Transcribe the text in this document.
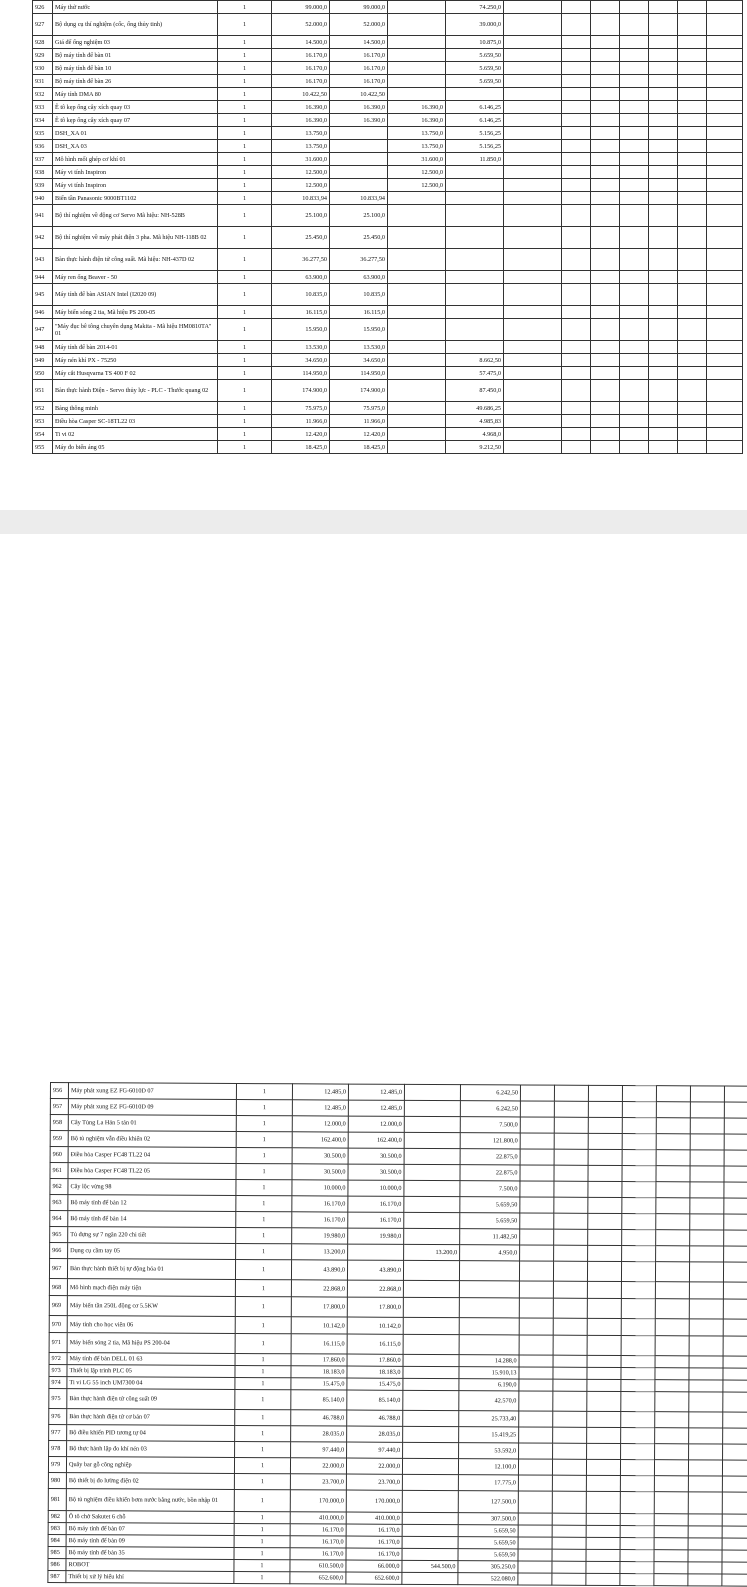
926	Máy thử nước	1	99.000,0	99.000,0		74.250,0							
927	Bộ dụng cụ thí nghiệm (cốc, ống thủy tinh)	1	52.000,0	52.000,0		39.000,0							
928	Giá để ống nghiệm 03	1	14.500,0	14.500,0		10.875,0							
929	Bộ máy tính để bàn 01	1	16.170,0	16.170,0		5.659,50							
930	Bộ máy tính để bàn 10	1	16.170,0	16.170,0		5.659,50							
931	Bộ máy tính để bàn 26	1	16.170,0	16.170,0		5.659,50							
932	Máy tính DMA 80	1	10.422,50	10.422,50									
933	Ê tô kẹp ống cây xích quay 03	1	16.390,0	16.390,0	16.390,0	6.146,25							
934	Ê tô kẹp ống cây xích quay 07	1	16.390,0	16.390,0	16.390,0	6.146,25							
935	DSH_XA 01	1	13.750,0		13.750,0	5.156,25							
936	DSH_XA 03	1	13.750,0		13.750,0	5.156,25							
937	Mô hình mối ghép cơ khí 01	1	31.600,0		31.600,0	11.850,0							
938	Máy vi tính Inspiron	1	12.500,0		12.500,0								
939	Máy vi tính Inspiron	1	12.500,0		12.500,0								
940	Biến tần Panasonic 9000BT1102	1	10.833,94	10.833,94									
941	Bộ thí nghiệm về động cơ Servo Mã hiệu: NH-528B	1	25.100,0	25.100,0									
942	Bộ thí nghiệm về máy phát điện 3 pha. Mã hiệu NH-118B 02	1	25.450,0	25.450,0									
943	Bàn thực hành điện tử công suất. Mã hiệu: NH-437D 02	1	36.277,50	36.277,50									
944	Máy ren ống Beaver - 50	1	63.900,0	63.900,0									
945	Máy tính để bàn ASIAN Intel (I2020 09)	1	10.835,0	10.835,0									
946	Máy biến sóng 2 tia, Mã hiệu PS 200-05	1	16.115,0	16.115,0									
947	"Máy đục bê tông chuyên dụng Makita - Mã hiệu HM0810TA" 01	1	15.950,0	15.950,0									
948	Máy tính để bàn 2014-01	1	13.530,0	13.530,0									
949	Máy nén khí PX - 75250	1	34.650,0	34.650,0		8.662,50							
950	Máy cắt Husqvarna TS 400 F 02	1	114.950,0	114.950,0		57.475,0							
951	Bàn thực hành Điện - Servo thủy lực - PLC - Thước quang 02	1	174.900,0	174.900,0		87.450,0							
952	Bảng thông minh	1	75.975,0	75.975,0		49.686,25							
953	Điều hòa Casper SC-18TL22 03	1	11.966,0	11.966,0		4.985,83							
954	Ti vi 02	1	12.420,0	12.420,0		4.968,0							
955	Máy đo biến áng 05	1	18.425,0	18.425,0		9.212,50							
956	Máy phát xung EZ FG-6010D 07	1	12.485,0	12.485,0		6.242,50							
957	Máy phát xung EZ FG-6010D 09	1	12.485,0	12.485,0		6.242,50							
958	Cây Tùng La Hán 5 tán 01	1	12.000,0	12.000,0		7.500,0							
959	Bộ tủ nghiệm vẫn điều khiển 02	1	162.400,0	162.400,0		121.800,0							
960	Điều hòa Casper FC48 TL22 04	1	30.500,0	30.500,0		22.875,0							
961	Điều hòa Casper FC48 TL22 05	1	30.500,0	30.500,0		22.875,0							
962	Cây lộc vừng 98	1	10.000,0	10.000,0		7.500,0							
963	Bộ máy tính để bàn 12	1	16.170,0	16.170,0		5.659,50							
964	Bộ máy tính để bàn 14	1	16.170,0	16.170,0		5.659,50							
965	Tủ đựng sự 7 ngăn 220 chi tiết	1	19.980,0	19.980,0		11.482,50							
966	Dụng cụ cầm tay 05	1	13.200,0		13.200,0	4.950,0							
967	Bàn thực hành thiết bị tự động hóa 01	1	43.890,0	43.890,0									
968	Mô hình mạch điện máy tiện	1	22.868,0	22.868,0									
969	Máy biến tần 250L động cơ 5.5KW	1	17.800,0	17.800,0									
970	Máy tính cho học viên 06	1	10.142,0	10.142,0									
971	Máy biến sóng 2 tia, Mã hiệu PS 200-04	1	16.115,0	16.115,0									
972	Máy tính để bàn DELL 01 63	1	17.860,0	17.860,0		14.288,0							
973	Thiết bị lập trình PLC 05	1	18.183,0	18.183,0		15.910,13							
974	Ti vi LG 55 inch UM7300 04	1	15.475,0	15.475,0		6.190,0							
975	Bàn thực hành điện tử công suất 09	1	85.140,0	85.140,0		42.570,0							
976	Bàn thực hành điện tử cơ bản 07	1	46.788,0	46.788,0		25.733,40							
977	Bộ điều khiển PID tương tự 04	1	28.035,0	28.035,0		15.419,25							
978	Bộ thực hành lập đo khí nén 03	1	97.440,0	97.440,0		53.592,0							
979	Quây bar gỗ công nghiệp	1	22.000,0	22.000,0		12.100,0							
980	Bộ thiết bị đo lường điện 02	1	23.700,0	23.700,0		17.775,0							
981	Bộ tủ nghiệm điều khiển bơm nước bằng nước, bồn nhập 01	1	170.000,0	170.000,0		127.500,0							
982	Ô tô chở Sakutet 6 chỗ	1	410.000,0	410.000,0		307.500,0							
983	Bộ máy tính để bàn 07	1	16.170,0	16.170,0		5.659,50							
984	Bộ máy tính để bàn 09	1	16.170,0	16.170,0		5.659,50							
985	Bộ máy tính để bàn 35	1	16.170,0	16.170,0		5.659,50							
986	ROBOT	1	610.500,0	66.000,0	544.500,0	305.250,0							
987	Thiết bị xử lý hiểu khí	1	652.600,0	652.600,0		522.080,0							
